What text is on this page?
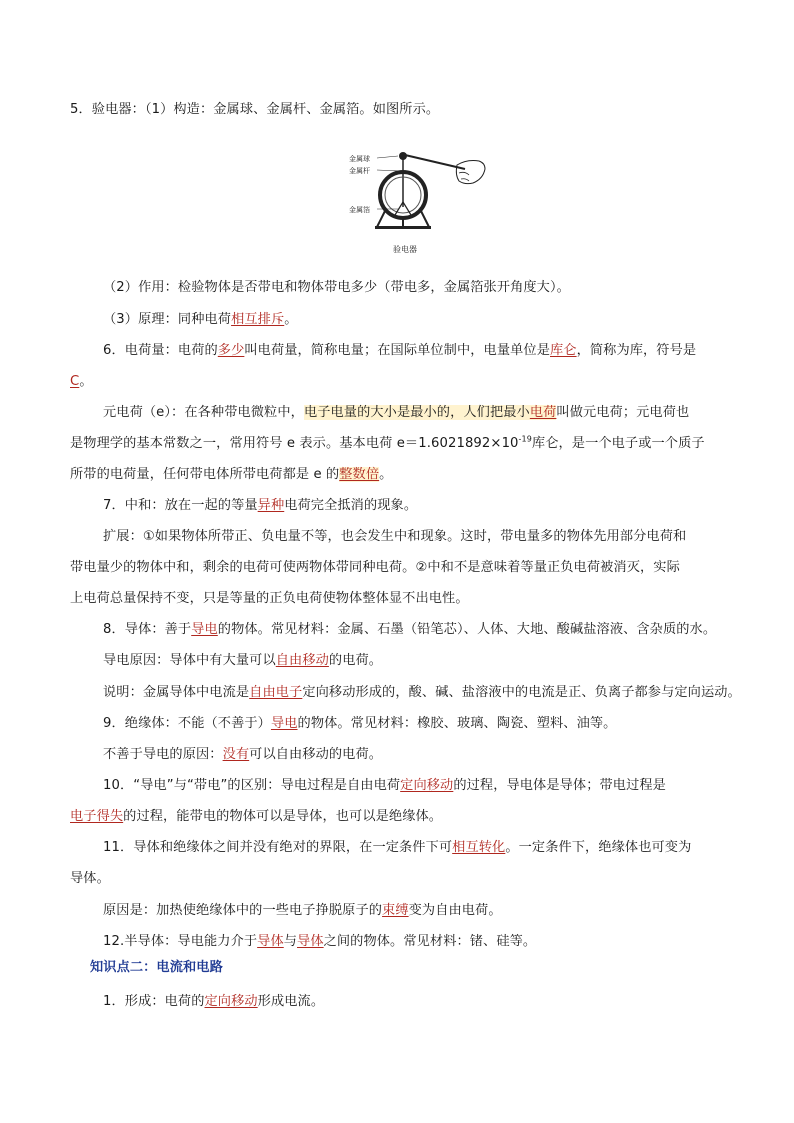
5．验电器：（1）构造：金属球、金属杆、金属箔。如图所示。
金属球
金属杆
金属箔
验电器
（2）作用：检验物体是否带电和物体带电多少（带电多，金属箔张开角度大）。
（3）原理：同种电荷相互排斥。
6．电荷量：电荷的多少叫电荷量，简称电量；在国际单位制中，电量单位是库仑，简称为库，符号是
C。
元电荷（e）：在各种带电微粒中，电子电量的大小是最小的，人们把最小电荷叫做元电荷；元电荷也
是物理学的基本常数之一，常用符号 e 表示。基本电荷 $e=1.6021892\times 10^{-19}$库仑，是一个电子或一个质子
所带的电荷量，任何带电体所带电荷都是 e 的整数倍。
7．中和：放在一起的等量异种电荷完全抵消的现象。
扩展：①如果物体所带正、负电量不等，也会发生中和现象。这时，带电量多的物体先用部分电荷和
带电量少的物体中和，剩余的电荷可使两物体带同种电荷。②中和不是意味着等量正负电荷被消灭，实际
上电荷总量保持不变，只是等量的正负电荷使物体整体显不出电性。
8．导体：善于导电的物体。常见材料：金属、石墨（铅笔芯）、人体、大地、酸碱盐溶液、含杂质的水。
导电原因：导体中有大量可以自由移动的电荷。
说明：金属导体中电流是自由电子定向移动形成的，酸、碱、盐溶液中的电流是正、负离子都参与定向运动。
9．绝缘体：不能（不善于）导电的物体。常见材料：橡胶、玻璃、陶瓷、塑料、油等。
不善于导电的原因：没有可以自由移动的电荷。
10．“导电”与“带电”的区别：导电过程是自由电荷定向移动的过程，导电体是导体；带电过程是
电子得失的过程，能带电的物体可以是导体，也可以是绝缘体。
11．导体和绝缘体之间并没有绝对的界限，在一定条件下可相互转化。一定条件下，绝缘体也可变为
导体。
原因是：加热使绝缘体中的一些电子挣脱原子的束缚变为自由电荷。
12.半导体：导电能力介于导体与导体之间的物体。常见材料：锗、硅等。
知识点二：电流和电路
1．形成：电荷的定向移动形成电流。
